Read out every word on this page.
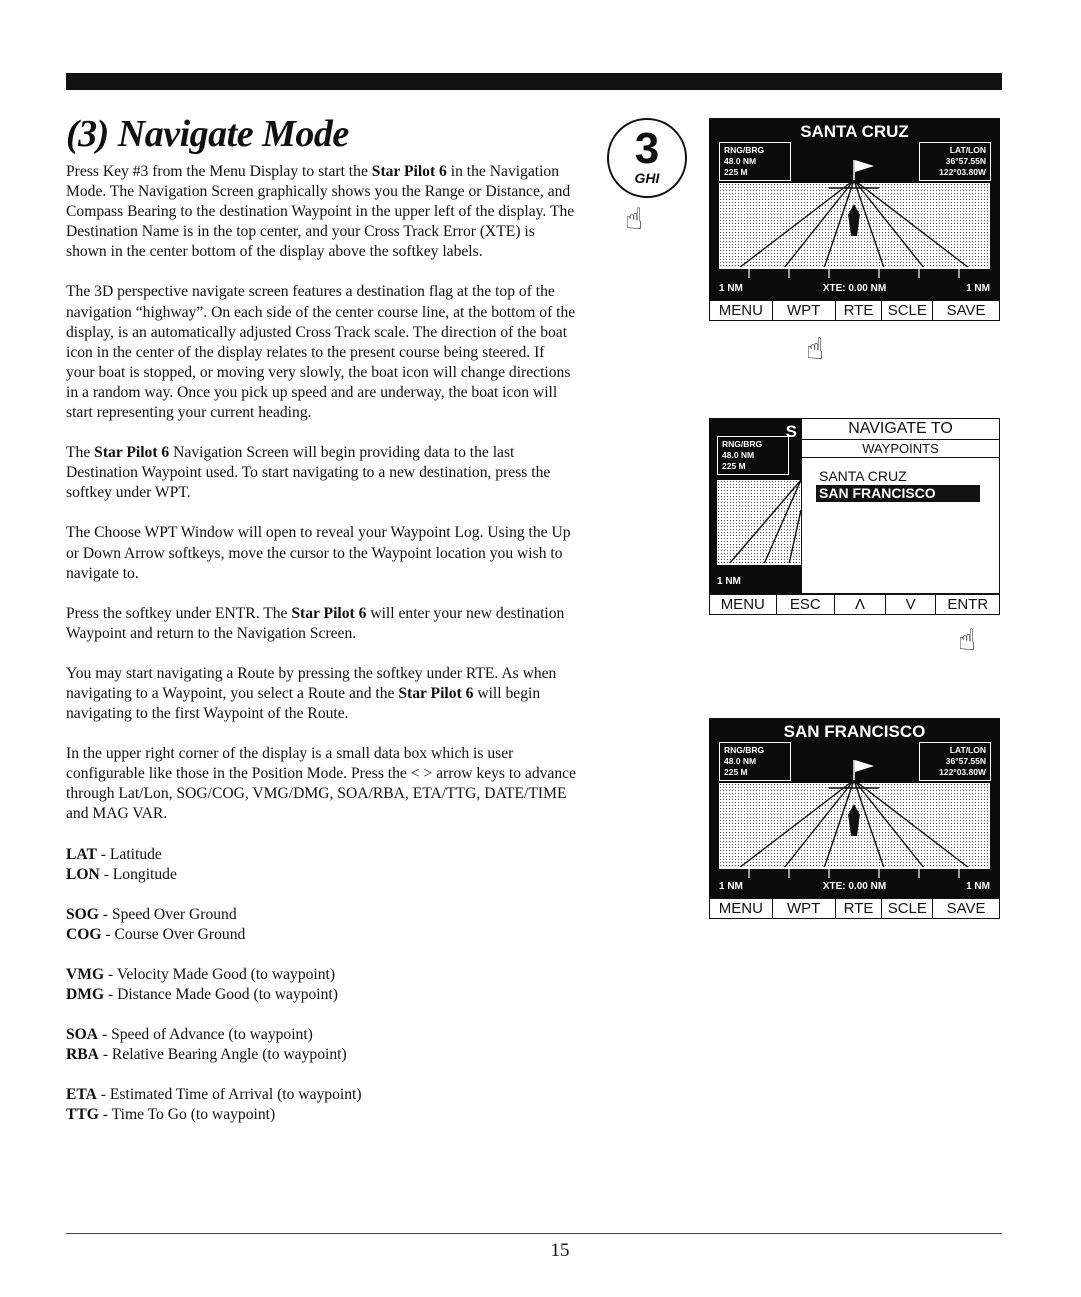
(3) Navigate Mode

Press Key #3 from the Menu Display to start the Star Pilot 6 in the Navigation Mode. The Navigation Screen graphically shows you the Range or Distance, and Compass Bearing to the destination Waypoint in the upper left of the display. The Destination Name is in the top center, and your Cross Track Error (XTE) is shown in the center bottom of the display above the softkey labels.

The 3D perspective navigate screen features a destination flag at the top of the navigation “highway”. On each side of the center course line, at the bottom of the display, is an automatically adjusted Cross Track scale. The direction of the boat icon in the center of the display relates to the present course being steered. If your boat is stopped, or moving very slowly, the boat icon will change directions in a random way. Once you pick up speed and are underway, the boat icon will start representing your current heading.

The Star Pilot 6 Navigation Screen will begin providing data to the last Destination Waypoint used. To start navigating to a new destination, press the softkey under WPT.

The Choose WPT Window will open to reveal your Waypoint Log. Using the Up or Down Arrow softkeys, move the cursor to the Waypoint location you wish to navigate to.

Press the softkey under ENTR. The Star Pilot 6 will enter your new destination Waypoint and return to the Navigation Screen.

You may start navigating a Route by pressing the softkey under RTE. As when navigating to a Waypoint, you select a Route and the Star Pilot 6 will begin navigating to the first Waypoint of the Route.

In the upper right corner of the display is a small data box which is user configurable like those in the Position Mode. Press the < > arrow keys to advance through Lat/Lon, SOG/COG, VMG/DMG, SOA/RBA, ETA/TTG, DATE/TIME and MAG VAR.

LAT - Latitude
LON - Longitude
SOG - Speed Over Ground
COG - Course Over Ground
VMG - Velocity Made Good (to waypoint)
DMG - Distance Made Good (to waypoint)
SOA - Speed of Advance (to waypoint)
RBA - Relative Bearing Angle (to waypoint)
ETA - Estimated Time of Arrival (to waypoint)
TTG - Time To Go (to waypoint)
3
GHI
☝
☝
☝
SANTA CRUZ
RNG/BRG
48.0 NM
225 M
LAT/LON
36°57.55N
122°03.80W
1 NM	XTE: 0.00 NM	1 NM
MENU	WPT	RTE SCLE	SAVE
S
RNG/BRG
48.0 NM
225 M
1 NM
NAVIGATE TO
WAYPOINTS
SANTA CRUZ
SAN FRANCISCO
MENU	ESC	Λ	V	ENTR
SAN FRANCISCO
RNG/BRG
48.0 NM
225 M
LAT/LON
36°57.55N
122°03.80W
1 NM	XTE: 0.00 NM	1 NM
MENU	WPT	RTE SCLE	SAVE
15
